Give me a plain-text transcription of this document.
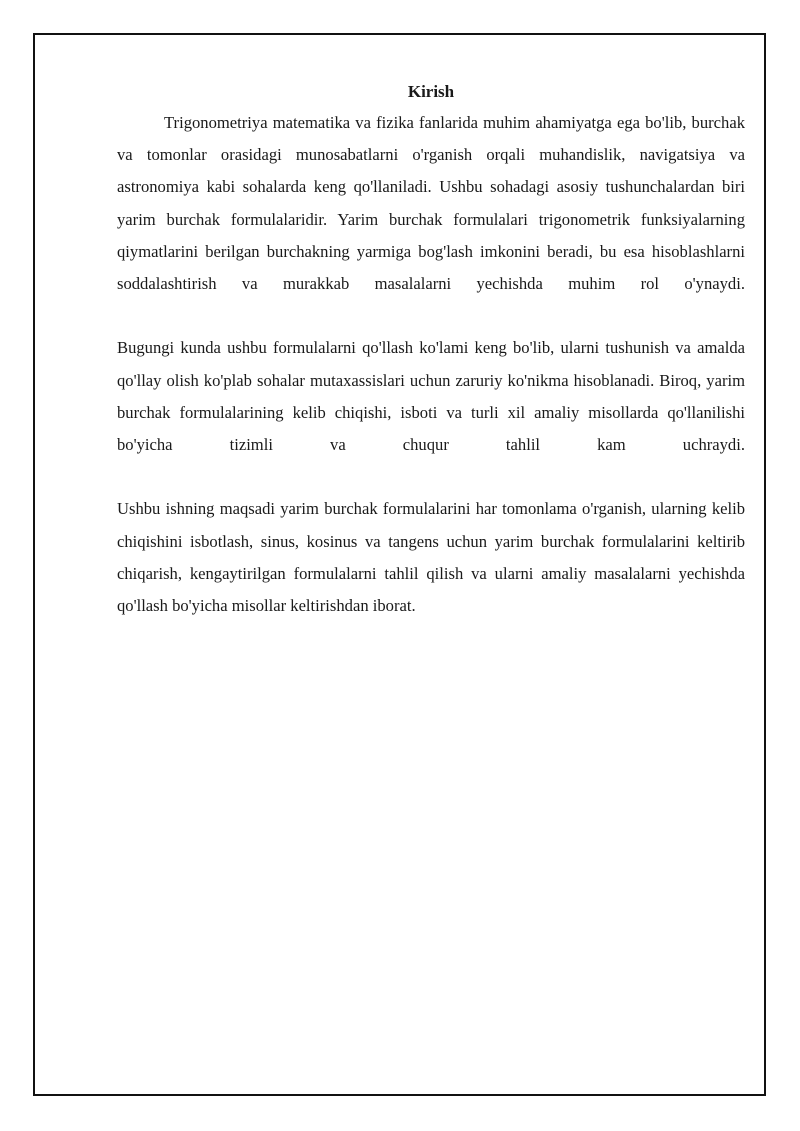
Kirish

Trigonometriya matematika va fizika fanlarida muhim ahamiyatga ega bo'lib, burchak va tomonlar orasidagi munosabatlarni o'rganish orqali muhandislik, navigatsiya va astronomiya kabi sohalarda keng qo'llaniladi. Ushbu sohadagi asosiy tushunchalardan biri yarim burchak formulalaridir. Yarim burchak formulalari trigonometrik funksiyalarning qiymatlarini berilgan burchakning yarmiga bog'lash imkonini beradi, bu esa hisoblashlarni soddalashtirish va murakkab masalalarni yechishda muhim rol o'ynaydi.

Bugungi kunda ushbu formulalarni qo'llash ko'lami keng bo'lib, ularni tushunish va amalda qo'llay olish ko'plab sohalar mutaxassislari uchun zaruriy ko'nikma hisoblanadi. Biroq, yarim burchak formulalarining kelib chiqishi, isboti va turli xil amaliy misollarda qo'llanilishi bo'yicha tizimli va chuqur tahlil kam uchraydi.

Ushbu ishning maqsadi yarim burchak formulalarini har tomonlama o'rganish, ularning kelib chiqishini isbotlash, sinus, kosinus va tangens uchun yarim burchak formulalarini keltirib chiqarish, kengaytirilgan formulalarni tahlil qilish va ularni amaliy masalalarni yechishda qo'llash bo'yicha misollar keltirishdan iborat.
